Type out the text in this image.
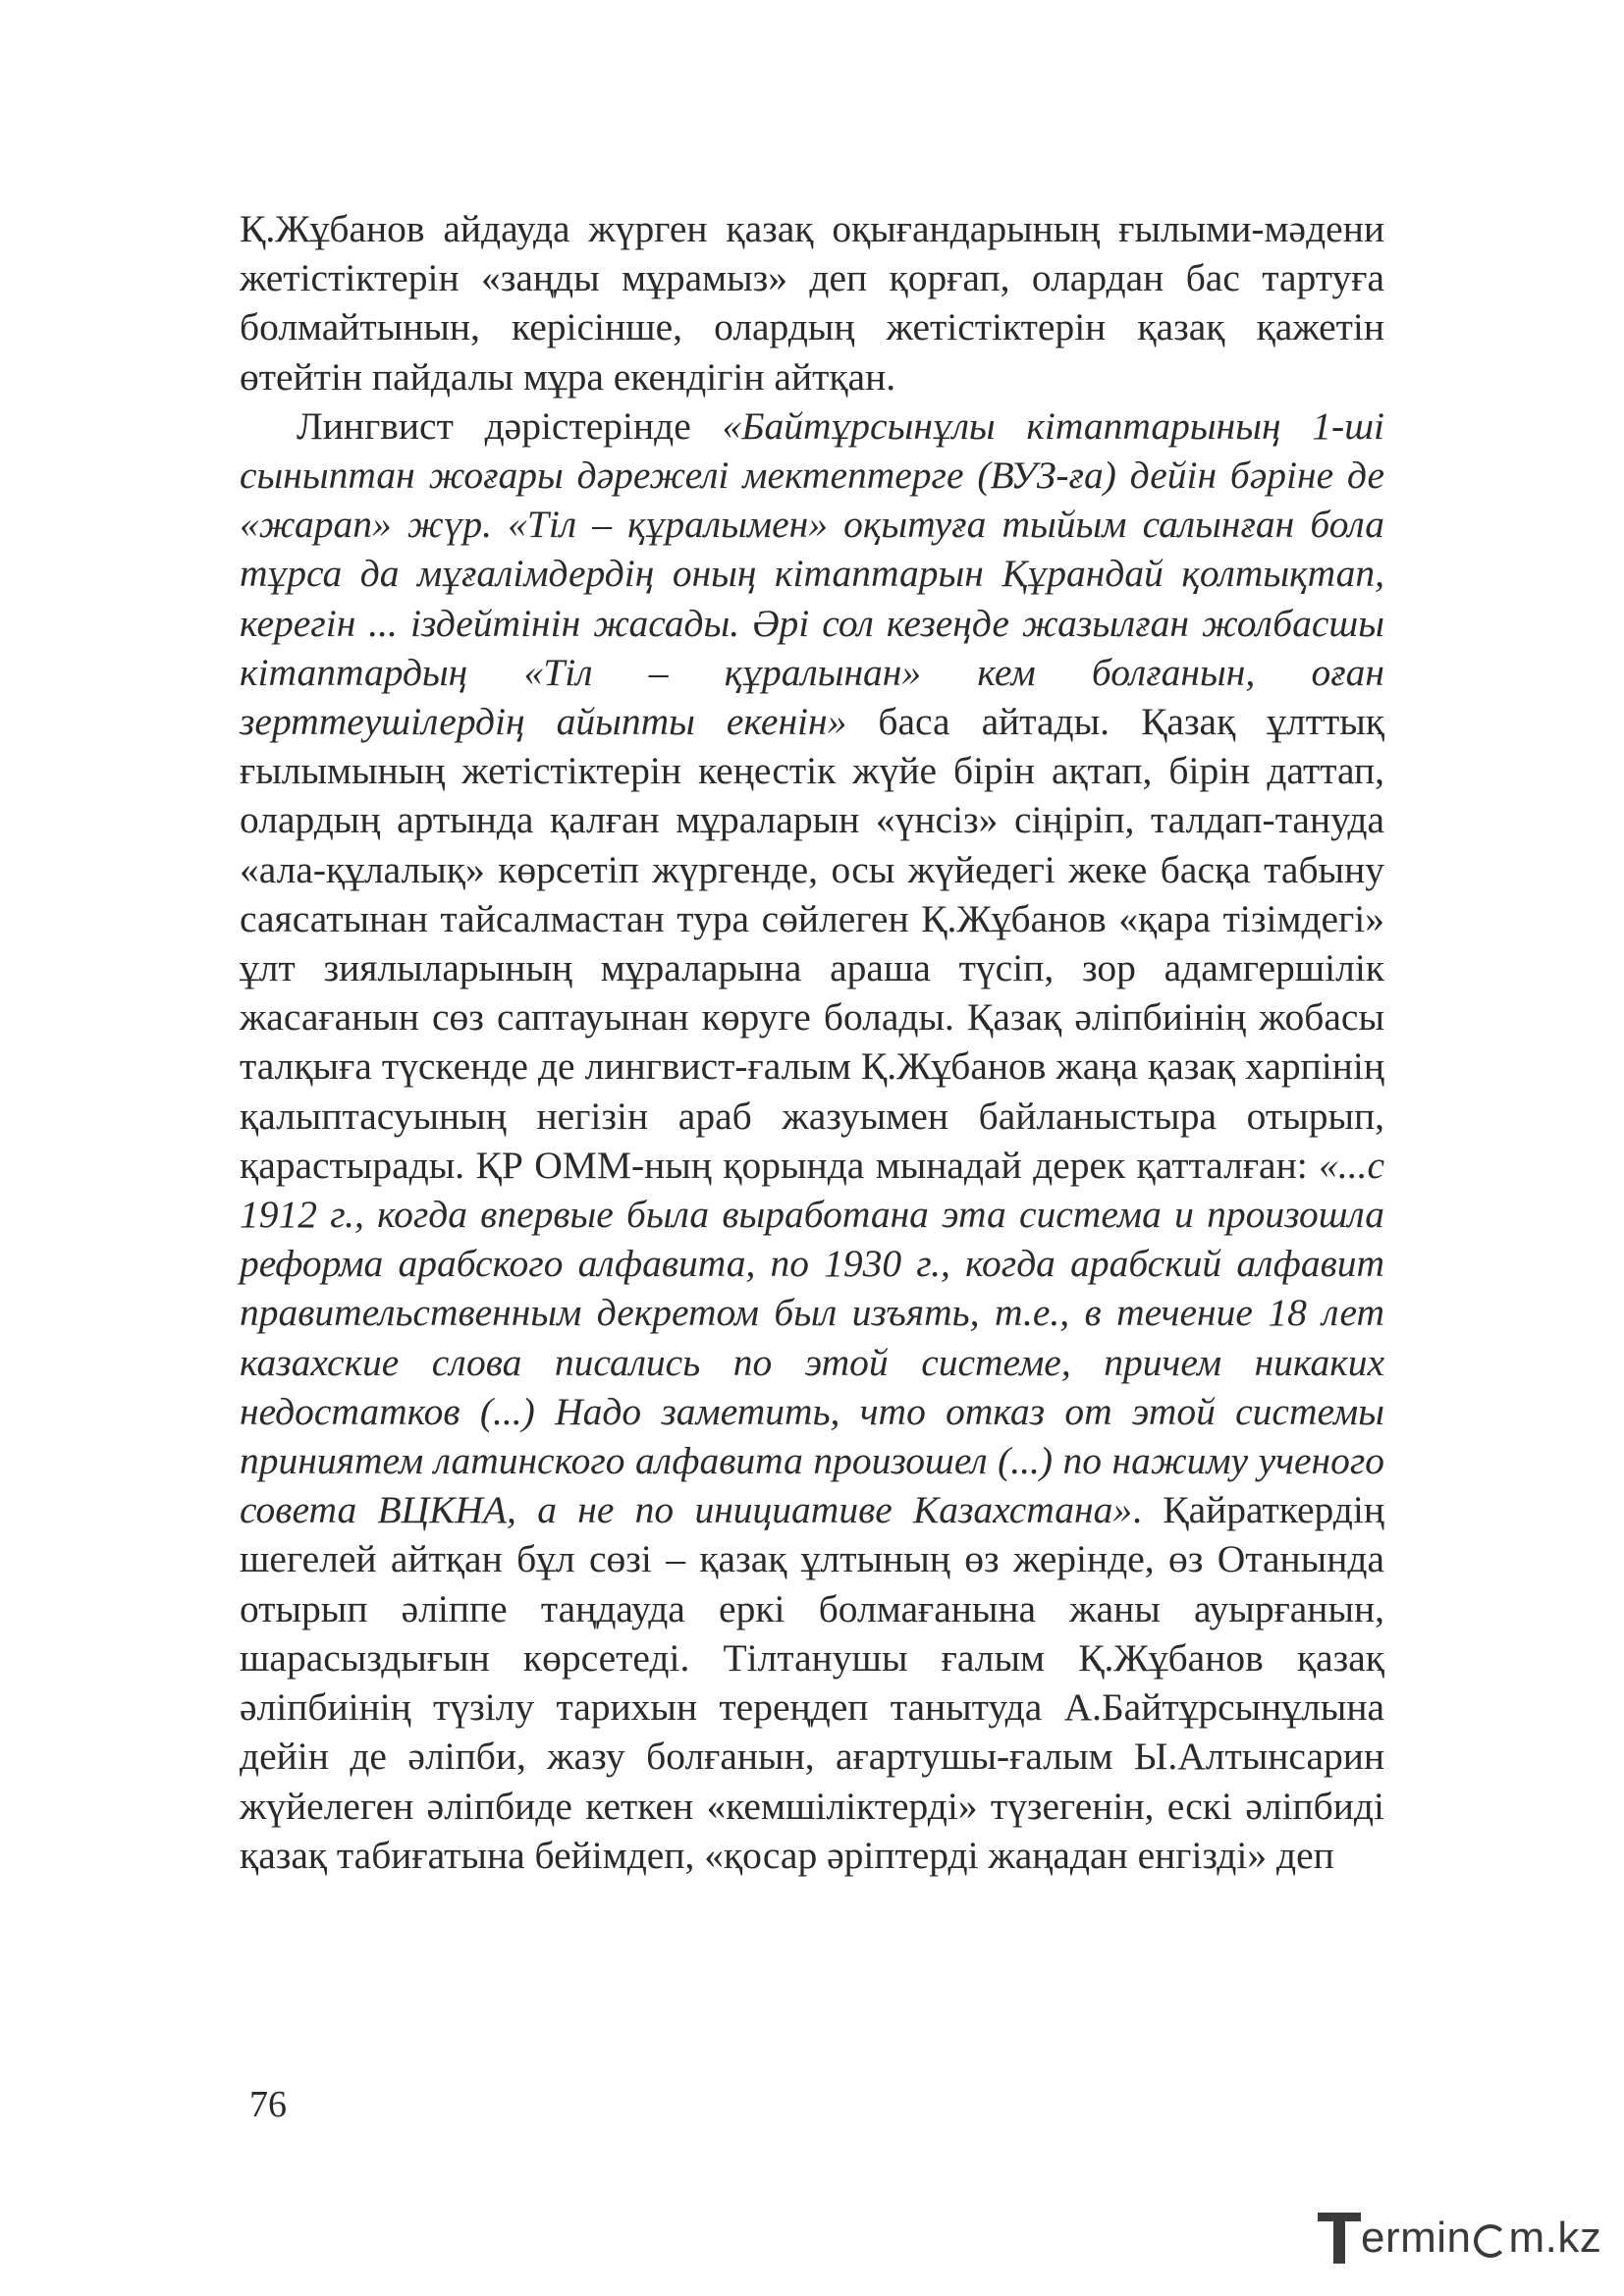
Қ.Жұбанов айдауда жүрген қазақ оқығандарының ғылыми-мәдени жетістіктерін «заңды мұрамыз» деп қорғап, олардан бас тартуға болмайтынын, керісінше, олардың жетістіктерін қазақ қажетін өтейтін пайдалы мұра екендігін айтқан.

Лингвист дәрістерінде «Байтұрсынұлы кітаптарының 1-ші сыныптан жоғары дәрежелі мектептерге (ВУЗ-ға) дейін бәріне де «жарап» жүр. «Тіл – құралымен» оқытуға тыйым салынған бола тұрса да мұғалімдердің оның кітаптарын Құрандай қолтықтап, керегін ... іздейтінін жасады. Әрі сол кезеңде жазылған жолбасшы кітаптардың «Тіл – құралынан» кем болғанын, оған зерттеушілердің айыпты екенін» баса айтады. Қазақ ұлттық ғылымының жетістіктерін кеңестік жүйе бірін ақтап, бірін даттап, олардың артында қалған мұраларын «үнсіз» сіңіріп, талдап-тануда «ала-құлалық» көрсетіп жүргенде, осы жүйедегі жеке басқа табыну саясатынан тайсалмастан тура сөйлеген Қ.Жұбанов «қара тізімдегі» ұлт зиялыларының мұраларына араша түсіп, зор адамгершілік жасағанын сөз саптауынан көруге болады. Қазақ әліпбиінің жобасы талқыға түскенде де лингвист-ғалым Қ.Жұбанов жаңа қазақ харпінің қалыптасуының негізін араб жазуымен байланыстыра отырып, қарастырады. ҚР ОММ-ның қорында мынадай дерек қатталған: «...с 1912 г., когда впервые была выработана эта система и произошла реформа арабского алфавита, по 1930 г., когда арабский алфавит правительственным декретом был изъять, т.е., в течение 18 лет казахские слова писались по этой системе, причем никаких недостатков (...) Надо заметить, что отказ от этой системы приниятем латинского алфавита произошел (...) по нажиму ученого совета ВЦКНА, а не по инициативе Казахстана». Қайраткердің шегелей айтқан бұл сөзі – қазақ ұлтының өз жерінде, өз Отанында отырып әліппе таңдауда еркі болмағанына жаны ауырғанын, шарасыздығын көрсетеді. Тілтанушы ғалым Қ.Жұбанов қазақ әліпбиінің түзілу тарихын тереңдеп танытуда А.Байтұрсынұлына дейін де әліпби, жазу болғанын, ағартушы-ғалым Ы.Алтынсарин жүйелеген әліпбиде кеткен «кемшіліктерді» түзегенін, ескі әліпбиді қазақ табиғатына бейімдеп, «қосар әріптерді жаңадан енгізді» деп

76
ermin m.kz
